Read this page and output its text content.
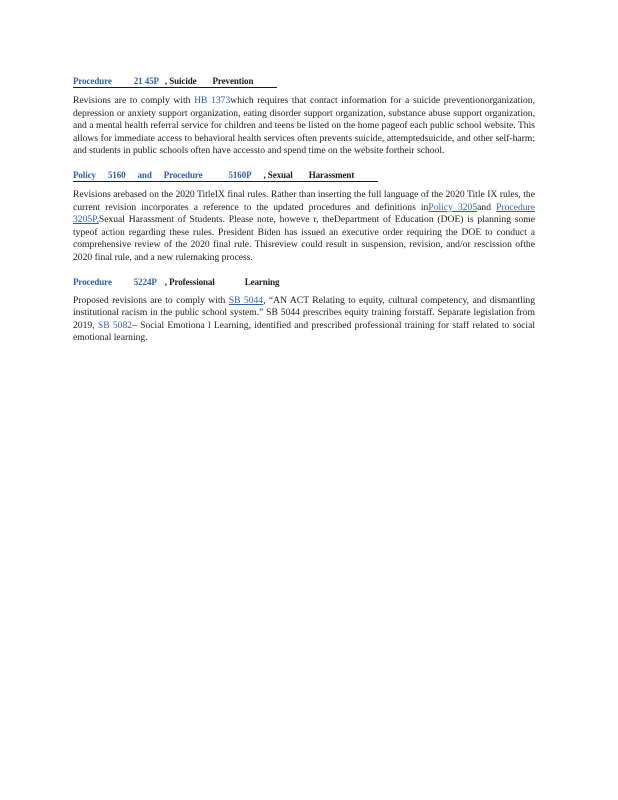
Procedure 21 45P , Suicide Prevention

Revisions are to comply with HB 1373which requires that contact information for a suicide preventionorganization, depression or anxiety support organization, eating disorder support organization, substance abuse support organization, and a mental health referral service for children and teens be listed on the home pageof each public school website. This allows for immediate access to behavioral health services often prevents suicide, attemptedsuicide, and other self-harm; and students in public schools often have accessto and spend time on the website fortheir school.

Policy 5160 and Procedure	5160P , Sexual Harassment

Revisions arebased on the 2020 TitleIX final rules. Rather than inserting the full language of the 2020 Title IX rules, the current revision incorporates a reference to the updated procedures and definitions inPolicy 3205and Procedure 3205P,Sexual Harassment of Students. Please note, howeve r, theDepartment of Education (DOE) is planning some typeof action regarding these rules. President Biden has issued an executive order requiring the DOE to conduct a comprehensive review of the 2020 final rule. Thisreview could result in suspension, revision, and/or rescission ofthe 2020 final rule, and a new rulemaking process.

Procedure 5224P , Professional	Learning

Proposed revisions are to comply with SB 5044, “AN ACT Relating to equity, cultural competency, and dismantling institutional racism in the public school system.” SB 5044 prescribes equity training forstaff. Separate legislation from 2019, SB 5082– Social Emotiona l Learning, identified and prescribed professional training for staff related to social emotional learning.
